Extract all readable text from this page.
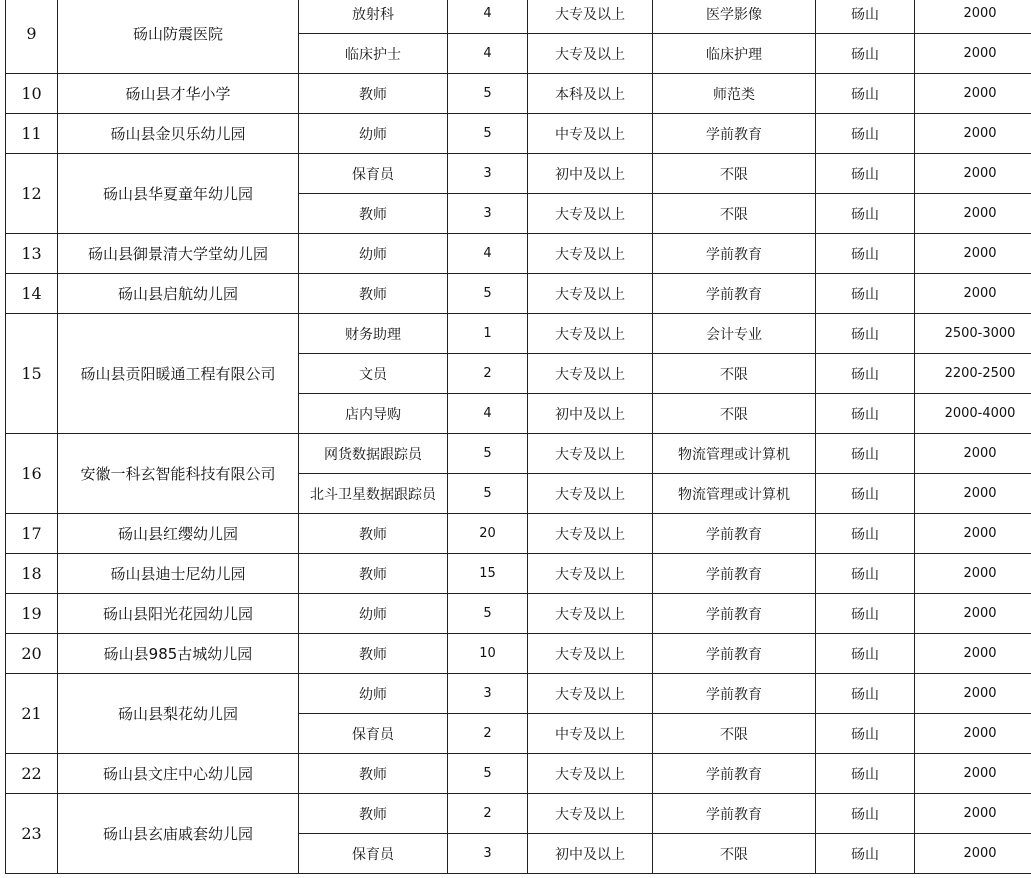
9	砀山防震医院	放射科	4	大专及以上	医学影像	砀山	2000
		临床护士	4	大专及以上	临床护理	砀山	2000
10	砀山县才华小学	教师	5	本科及以上	师范类	砀山	2000
11	砀山县金贝乐幼儿园	幼师	5	中专及以上	学前教育	砀山	2000
12	砀山县华夏童年幼儿园	保育员	3	初中及以上	不限	砀山	2000
		教师	3	大专及以上	不限	砀山	2000
13	砀山县御景清大学堂幼儿园	幼师	4	大专及以上	学前教育	砀山	2000
14	砀山县启航幼儿园	教师	5	大专及以上	学前教育	砀山	2000
15	砀山县贡阳暖通工程有限公司	财务助理	1	大专及以上	会计专业	砀山	2500-3000
		文员	2	大专及以上	不限	砀山	2200-2500
		店内导购	4	初中及以上	不限	砀山	2000-4000
16	安徽一科玄智能科技有限公司	网货数据跟踪员	5	大专及以上	物流管理或计算机	砀山	2000
		北斗卫星数据跟踪员	5	大专及以上	物流管理或计算机	砀山	2000
17	砀山县红缨幼儿园	教师	20	大专及以上	学前教育	砀山	2000
18	砀山县迪士尼幼儿园	教师	15	大专及以上	学前教育	砀山	2000
19	砀山县阳光花园幼儿园	幼师	5	大专及以上	学前教育	砀山	2000
20	砀山县985古城幼儿园	教师	10	大专及以上	学前教育	砀山	2000
21	砀山县梨花幼儿园	幼师	3	大专及以上	学前教育	砀山	2000
		保育员	2	中专及以上	不限	砀山	2000
22	砀山县文庄中心幼儿园	教师	5	大专及以上	学前教育	砀山	2000
23	砀山县玄庙戚套幼儿园	教师	2	大专及以上	学前教育	砀山	2000
		保育员	3	初中及以上	不限	砀山	2000
